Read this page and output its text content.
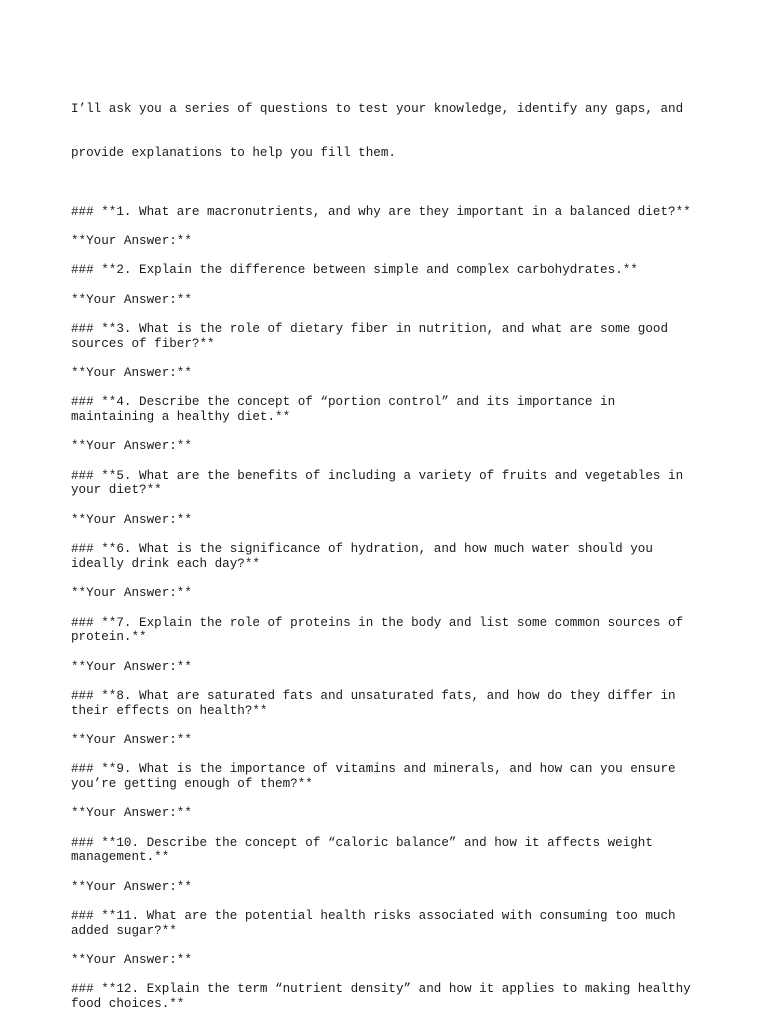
I’ll ask you a series of questions to test your knowledge, identify any gaps, and

provide explanations to help you fill them.

### **1. What are macronutrients, and why are they important in a balanced diet?**

**Your Answer:**

### **2. Explain the difference between simple and complex carbohydrates.**

**Your Answer:**

### **3. What is the role of dietary fiber in nutrition, and what are some good
sources of fiber?**

**Your Answer:**

### **4. Describe the concept of “portion control” and its importance in
maintaining a healthy diet.**

**Your Answer:**

### **5. What are the benefits of including a variety of fruits and vegetables in
your diet?**

**Your Answer:**

### **6. What is the significance of hydration, and how much water should you
ideally drink each day?**

**Your Answer:**

### **7. Explain the role of proteins in the body and list some common sources of
protein.**

**Your Answer:**

### **8. What are saturated fats and unsaturated fats, and how do they differ in
their effects on health?**

**Your Answer:**

### **9. What is the importance of vitamins and minerals, and how can you ensure
you’re getting enough of them?**

**Your Answer:**

### **10. Describe the concept of “caloric balance” and how it affects weight
management.**

**Your Answer:**

### **11. What are the potential health risks associated with consuming too much
added sugar?**

**Your Answer:**

### **12. Explain the term “nutrient density” and how it applies to making healthy
food choices.**
